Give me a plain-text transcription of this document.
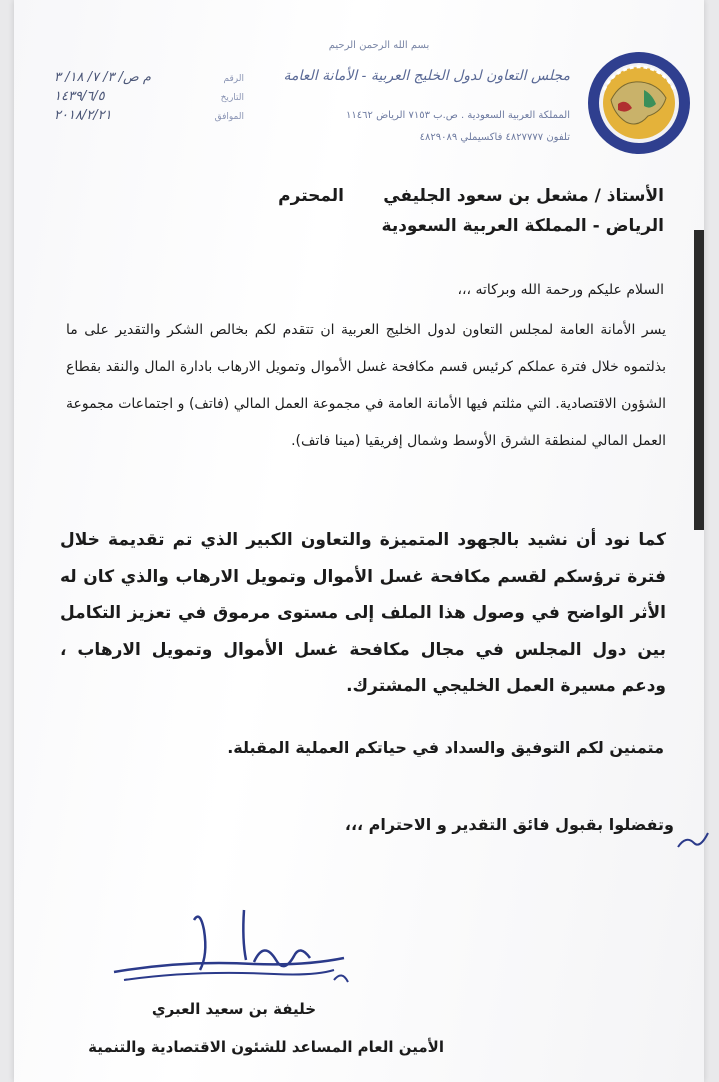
بسم الله الرحمن الرحيم
مجلس التعاون لدول الخليج العربية - الأمانة العامة
المملكة العربية السعودية . ص.ب ٧١٥٣ الرياض ١١٤٦٢
تلفون ٤٨٢٧٧٧٧ فاكسيملي ٤٨٢٩٠٨٩
الرقم
م ص/ ٣/ ٧/ ١٨/ ٣
التاريخ
١٤٣٩/٦/٥
الموافق
٢٠١٨/٢/٢١
الأستاذ / مشعل بن سعود الجليفي
المحترم
الرياض - المملكة العربية السعودية
السلام عليكم ورحمة الله وبركاته ،،،
يسر الأمانة العامة لمجلس التعاون لدول الخليج العربية ان تتقدم لكم بخالص الشكر والتقدير على ما بذلتموه خلال فترة عملكم كرئيس قسم مكافحة غسل الأموال وتمويل الارهاب بادارة المال والنقد بقطاع الشؤون الاقتصادية. التي مثلتم فيها الأمانة العامة في مجموعة العمل المالي (فاتف) و اجتماعات مجموعة العمل المالي لمنطقة الشرق الأوسط وشمال إفريقيا (مينا فاتف).
كما نود أن نشيد بالجهود المتميزة والتعاون الكبير الذي تم تقديمة خلال فترة ترؤسكم لقسم مكافحة غسل الأموال وتمويل الارهاب والذي كان له الأثر الواضح في وصول هذا الملف إلى مستوى مرموق في تعزيز التكامل بين دول المجلس في مجال مكافحة غسل الأموال وتمويل الارهاب ، ودعم مسيرة العمل الخليجي المشترك.
متمنين لكم التوفيق والسداد في حياتكم العملية المقبلة.
وتفضلوا بقبول فائق التقدير و الاحترام ،،،
خليفة بن سعيد العبري
الأمين العام المساعد للشئون الاقتصادية والتنمية
